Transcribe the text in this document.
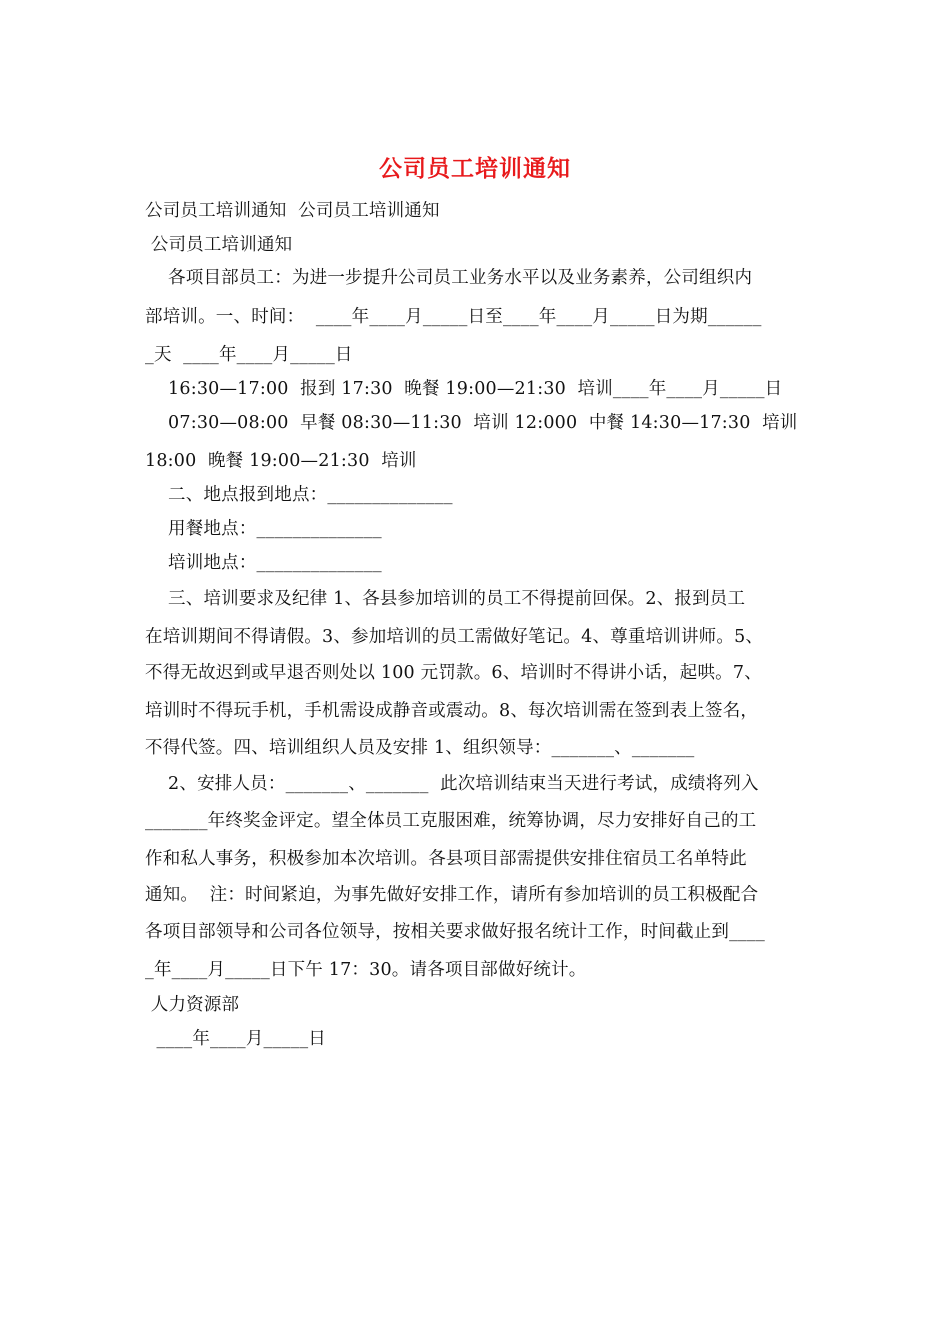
公司员工培训通知
公司员工培训通知  公司员工培训通知
公司员工培训通知
各项目部员工：为进一步提升公司员工业务水平以及业务素养，公司组织内
部培训。一、时间：  ____年____月_____日至____年____月_____日为期______
_天  ____年____月_____日
16:30—17:00  报到 17:30  晚餐 19:00—21:30  培训____年____月_____日
07:30—08:00  早餐 08:30—11:30  培训 12:000  中餐 14:30—17:30  培训
18:00  晚餐 19:00—21:30  培训
二、地点报到地点：______________
用餐地点：______________
培训地点：______________
三、培训要求及纪律 1、各县参加培训的员工不得提前回保。2、报到员工
在培训期间不得请假。3、参加培训的员工需做好笔记。4、尊重培训讲师。5、
不得无故迟到或早退否则处以 100 元罚款。6、培训时不得讲小话，起哄。7、
培训时不得玩手机，手机需设成静音或震动。8、每次培训需在签到表上签名，
不得代签。四、培训组织人员及安排 1、组织领导：_______、_______
2、安排人员：_______、_______  此次培训结束当天进行考试，成绩将列入
_______年终奖金评定。望全体员工克服困难，统筹协调，尽力安排好自己的工
作和私人事务，积极参加本次培训。各县项目部需提供安排住宿员工名单特此
通知。  注：时间紧迫，为事先做好安排工作，请所有参加培训的员工积极配合
各项目部领导和公司各位领导，按相关要求做好报名统计工作，时间截止到____
_年____月_____日下午 17：30。请各项目部做好统计。
人力资源部
____年____月_____日
